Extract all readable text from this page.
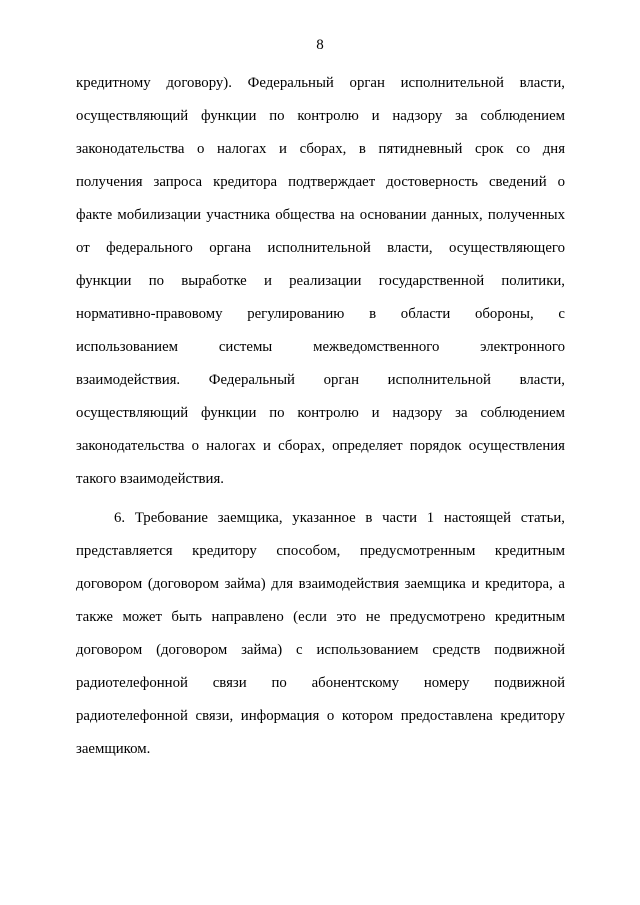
8
кредитному договору). Федеральный орган исполнительной власти,
осуществляющий функции по контролю и надзору за соблюдением
законодательства о налогах и сборах, в пятидневный срок со дня
получения запроса кредитора подтверждает достоверность сведений о
факте мобилизации участника общества на основании данных, полученных
от федерального органа исполнительной власти, осуществляющего
функции по выработке и реализации государственной политики,
нормативно-правовому регулированию в области обороны, с
использованием системы межведомственного электронного
взаимодействия. Федеральный орган исполнительной власти,
осуществляющий функции по контролю и надзору за соблюдением
законодательства о налогах и сборах, определяет порядок осуществления
такого взаимодействия.
6. Требование заемщика, указанное в части 1 настоящей статьи,
представляется кредитору способом, предусмотренным кредитным
договором (договором займа) для взаимодействия заемщика и кредитора, а
также может быть направлено (если это не предусмотрено кредитным
договором (договором займа) с использованием средств подвижной
радиотелефонной связи по абонентскому номеру подвижной
радиотелефонной связи, информация о котором предоставлена кредитору
заемщиком.
